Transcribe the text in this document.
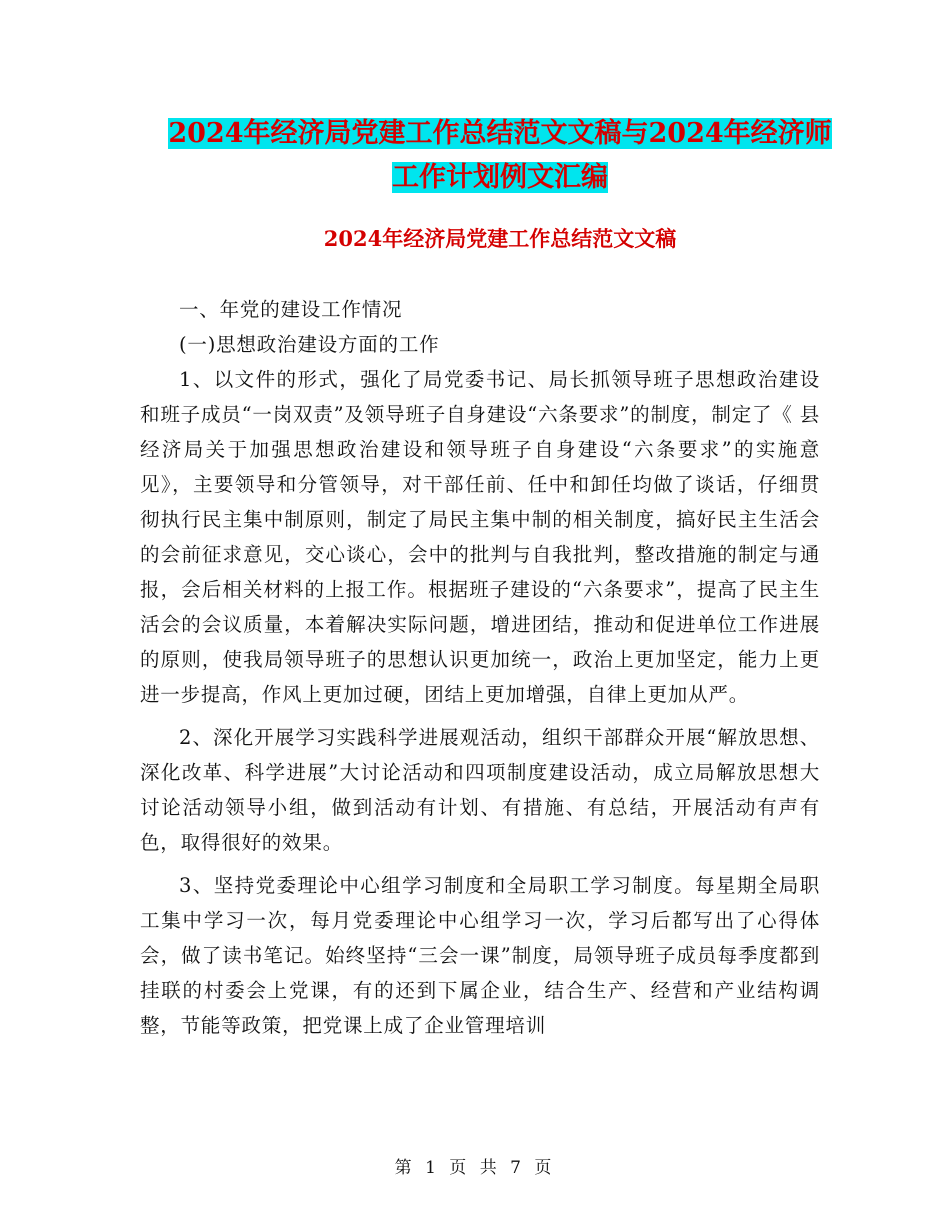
2024年经济局党建工作总结范文文稿与2024年经济师
工作计划例文汇编
2024年经济局党建工作总结范文文稿

一、年党的建设工作情况

(一)思想政治建设方面的工作

1、以文件的形式，强化了局党委书记、局长抓领导班子思想政治建设和班子成员“一岗双责”及领导班子自身建设“六条要求”的制度，制定了《 县经济局关于加强思想政治建设和领导班子自身建设“六条要求”的实施意见》，主要领导和分管领导，对干部任前、任中和卸任均做了谈话，仔细贯彻执行民主集中制原则，制定了局民主集中制的相关制度，搞好民主生活会的会前征求意见，交心谈心，会中的批判与自我批判，整改措施的制定与通报，会后相关材料的上报工作。根据班子建设的“六条要求”，提高了民主生活会的会议质量，本着解决实际问题，增进团结，推动和促进单位工作进展的原则，使我局领导班子的思想认识更加统一，政治上更加坚定，能力上更进一步提高，作风上更加过硬，团结上更加增强，自律上更加从严。

2、深化开展学习实践科学进展观活动，组织干部群众开展“解放思想、深化改革、科学进展”大讨论活动和四项制度建设活动，成立局解放思想大讨论活动领导小组，做到活动有计划、有措施、有总结，开展活动有声有色，取得很好的效果。

3、坚持党委理论中心组学习制度和全局职工学习制度。每星期全局职工集中学习一次，每月党委理论中心组学习一次，学习后都写出了心得体会，做了读书笔记。始终坚持“三会一课”制度，局领导班子成员每季度都到挂联的村委会上党课，有的还到下属企业，结合生产、经营和产业结构调整，节能等政策，把党课上成了企业管理培训

第 1 页 共 7 页
